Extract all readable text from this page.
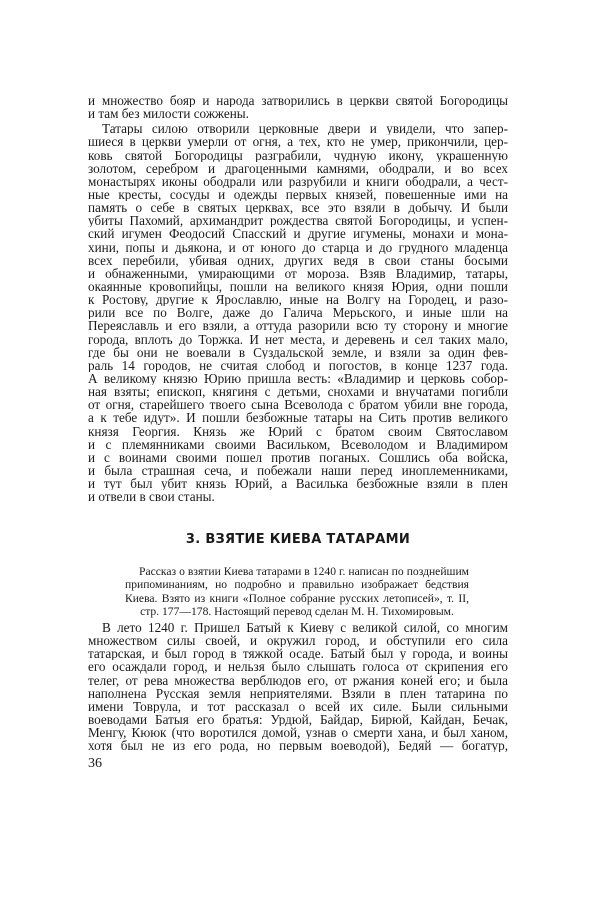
и множество бояр и народа затворились в церкви святой Богородицы
и там без милости сожжены.
Татары силою отворили церковные двери и увидели, что запер-
шиеся в церкви умерли от огня, а тех, кто не умер, прикончили, цер-
ковь святой Богородицы разграбили, чудную икону, украшенную
золотом, серебром и драгоценными камнями, ободрали, и во всех
монастырях иконы ободрали или разрубили и книги ободрали, а чест-
ные кресты, сосуды и одежды первых князей, повешенные ими на
память о себе в святых церквах, все это взяли в добычу. И были
убиты Пахомий, архимандрит рождества святой Богородицы, и успен-
ский игумен Феодосий Спасский и другие игумены, монахи и мона-
хини, попы и дьякона, и от юного до старца и до грудного младенца
всех перебили, убивая одних, других ведя в свои станы босыми
и обнаженными, умирающими от мороза. Взяв Владимир, татары,
окаянные кровопийцы, пошли на великого князя Юрия, одни пошли
к Ростову, другие к Ярославлю, иные на Волгу на Городец, и разо-
рили все по Волге, даже до Галича Мерьского, и иные шли на
Переяславль и его взяли, а оттуда разорили всю ту сторону и многие
города, вплоть до Торжка. И нет места, и деревень и сел таких мало,
где бы они не воевали в Суздальской земле, и взяли за один фев-
раль 14 городов, не считая слобод и погостов, в конце 1237 года.
А великому князю Юрию пришла весть: «Владимир и церковь собор-
ная взяты; епископ, княгиня с детьми, снохами и внучатами погибли
от огня, старейшего твоего сына Всеволода с братом убили вне города,
а к тебе идут». И пошли безбожные татары на Сить против великого
князя Георгия. Князь же Юрий с братом своим Святославом
и с племянниками своими Васильком, Всеволодом и Владимиром
и с воинами своими пошел против поганых. Сошлись оба войска,
и была страшная сеча, и побежали наши перед иноплеменниками,
и тут был убит князь Юрий, а Василька безбожные взяли в плен
и отвели в свои станы.
3. ВЗЯТИЕ КИЕВА ТАТАРАМИ
Рассказ о взятии Киева татарами в 1240 г. написан по позднейшим
припоминаниям, но подробно и правильно изображает бедствия
Киева. Взято из книги «Полное собрание русских летописей», т. II,
стр. 177—178. Настоящий перевод сделан М. Н. Тихомировым.
В лето 1240 г. Пришел Батый к Киеву с великой силой, со многим
множеством силы своей, и окружил город, и обступили его сила
татарская, и был город в тяжкой осаде. Батый был у города, и воины
его осаждали город, и нельзя было слышать голоса от скрипения его
телег, от рева множества верблюдов его, от ржания коней его; и была
наполнена Русская земля неприятелями. Взяли в плен татарина по
имени Товрула, и тот рассказал о всей их силе. Были сильными
воеводами Батыя его братья: Урдюй, Байдар, Бирюй, Кайдан, Бечак,
Менгу, Кююк (что воротился домой, узнав о смерти хана, и был ханом,
хотя был не из его рода, но первым воеводой), Бедяй — богатур,
36
